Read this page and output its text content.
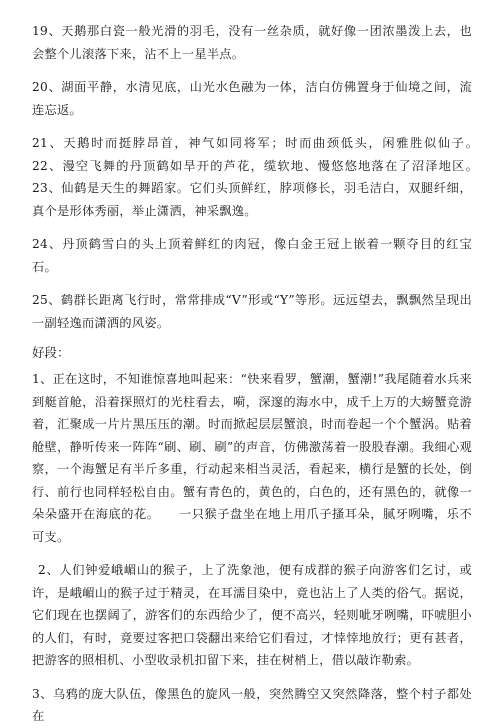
19、天鹅那白瓷一般光滑的羽毛，没有一丝杂质，就好像一团浓墨泼上去，也会整个儿滚落下来，沾不上一星半点。

20、湖面平静，水清见底，山光水色融为一体，洁白仿佛置身于仙境之间，流连忘返。

21、天鹅时而挺脖昂首，神气如同将军；时而曲颈低头，闲雅胜似仙子。　　22、漫空飞舞的丹顶鹤如旱开的芦花，缆软地、慢悠悠地落在了沼泽地区。　　23、仙鹤是天生的舞蹈家。它们头顶鲜红，脖项修长，羽毛洁白，双腿纤细，真个是形体秀丽，举止潇洒，神采飘逸。

24、丹顶鹤雪白的头上顶着鲜红的肉冠，像白金王冠上嵌着一颗夺目的红宝石。

25、鹤群长距离飞行时，常常排成“V”形或“Y”等形。远远望去，飘飘然呈现出一副轻逸而潇洒的风姿。

好段：

1、正在这时，不知谁惊喜地叫起来：“快来看罗，蟹潮，蟹潮!”我尾随着水兵来到艇首舱，沿着探照灯的光柱看去，嗬，深邃的海水中，成千上万的大螃蟹竞游着，汇聚成一片片黑压压的潮。时而掀起层层蟹浪，时而卷起一个个蟹涡。贴着舱壁，静听传来一阵阵“刷、刷、刷”的声音，仿佛激荡着一股股春潮。我细心观察，一个海蟹足有半斤多重，行动起来相当灵活，看起来，横行是蟹的长处，倒行、前行也同样轻松自由。蟹有青色的，黄色的，白色的，还有黑色的，就像一朵朵盛开在海底的花。　　一只猴子盘坐在地上用爪子搔耳朵，腻牙咧嘴，乐不可支。

2、人们钟爱峨嵋山的猴子，上了洗象池，便有成群的猴子向游客们乞讨，或许，是峨嵋山的猴子过于精灵，在耳濡目染中，竟也沾上了人类的俗气。据说，它们现在也摆阔了，游客们的东西给少了，便不高兴，轻则呲牙咧嘴，吓唬胆小的人们，有时，竟要过客把口袋翻出来给它们看过，才悻悻地放行；更有甚者，把游客的照相机、小型收录机扣留下来，挂在树梢上，借以敲诈勒索。

3、乌鸦的庞大队伍，像黑色的旋风一般，突然腾空又突然降落，整个村子都处在
